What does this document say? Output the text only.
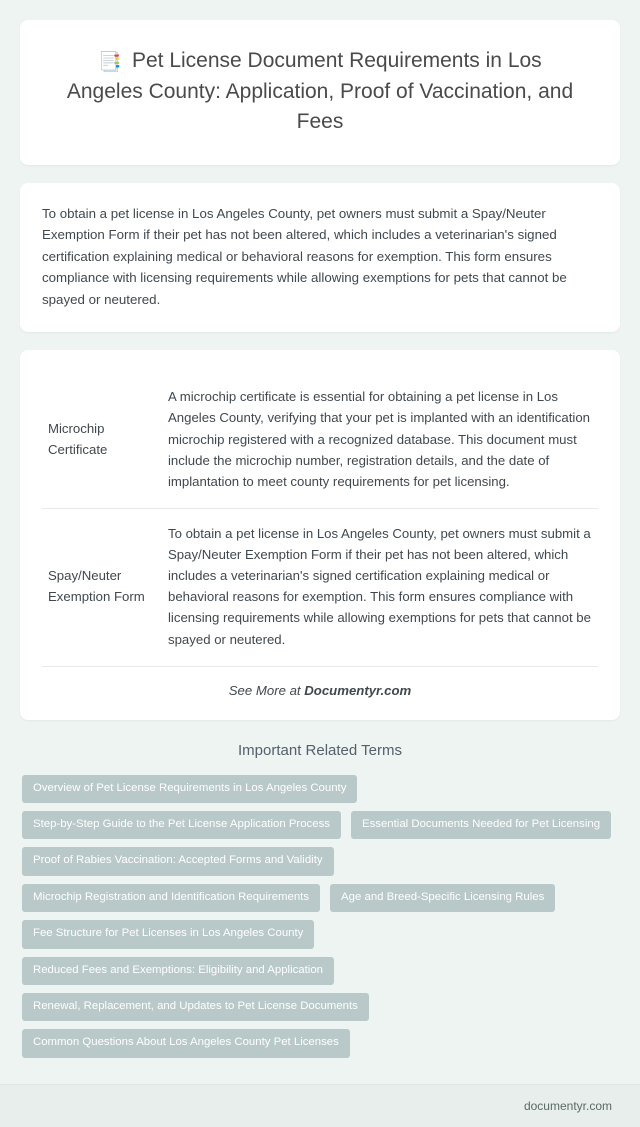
📑 Pet License Document Requirements in Los Angeles County: Application, Proof of Vaccination, and Fees

To obtain a pet license in Los Angeles County, pet owners must submit a Spay/Neuter Exemption Form if their pet has not been altered, which includes a veterinarian's signed certification explaining medical or behavioral reasons for exemption. This form ensures compliance with licensing requirements while allowing exemptions for pets that cannot be spayed or neutered.

Microchip Certificate	A microchip certificate is essential for obtaining a pet license in Los Angeles County, verifying that your pet is implanted with an identification microchip registered with a recognized database. This document must include the microchip number, registration details, and the date of implantation to meet county requirements for pet licensing.
Spay/Neuter Exemption Form	To obtain a pet license in Los Angeles County, pet owners must submit a Spay/Neuter Exemption Form if their pet has not been altered, which includes a veterinarian's signed certification explaining medical or behavioral reasons for exemption. This form ensures compliance with licensing requirements while allowing exemptions for pets that cannot be spayed or neutered.
See More at Documentyr.com
Important Related Terms
Overview of Pet License Requirements in Los Angeles County
Step-by-Step Guide to the Pet License Application Process	Essential Documents Needed for Pet Licensing
Proof of Rabies Vaccination: Accepted Forms and Validity
Microchip Registration and Identification Requirements	Age and Breed-Specific Licensing Rules
Fee Structure for Pet Licenses in Los Angeles County
Reduced Fees and Exemptions: Eligibility and Application
Renewal, Replacement, and Updates to Pet License Documents
Common Questions About Los Angeles County Pet Licenses
documentyr.com
